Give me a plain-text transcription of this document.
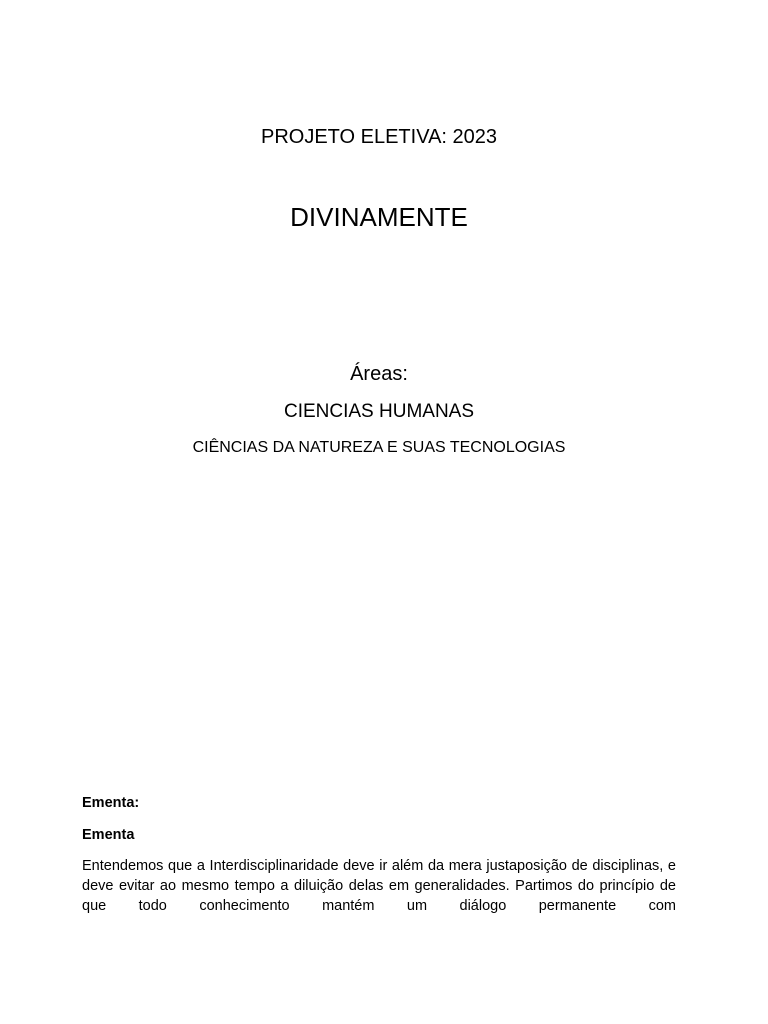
PROJETO ELETIVA: 2023
DIVINAMENTE
Áreas:
CIENCIAS HUMANAS
CIÊNCIAS DA NATUREZA E SUAS TECNOLOGIAS
Ementa:
Ementa
Entendemos que a Interdisciplinaridade deve ir além da mera justaposição de disciplinas, e deve evitar ao mesmo tempo a diluição delas em generalidades. Partimos do princípio de que todo conhecimento mantém um diálogo permanente com
